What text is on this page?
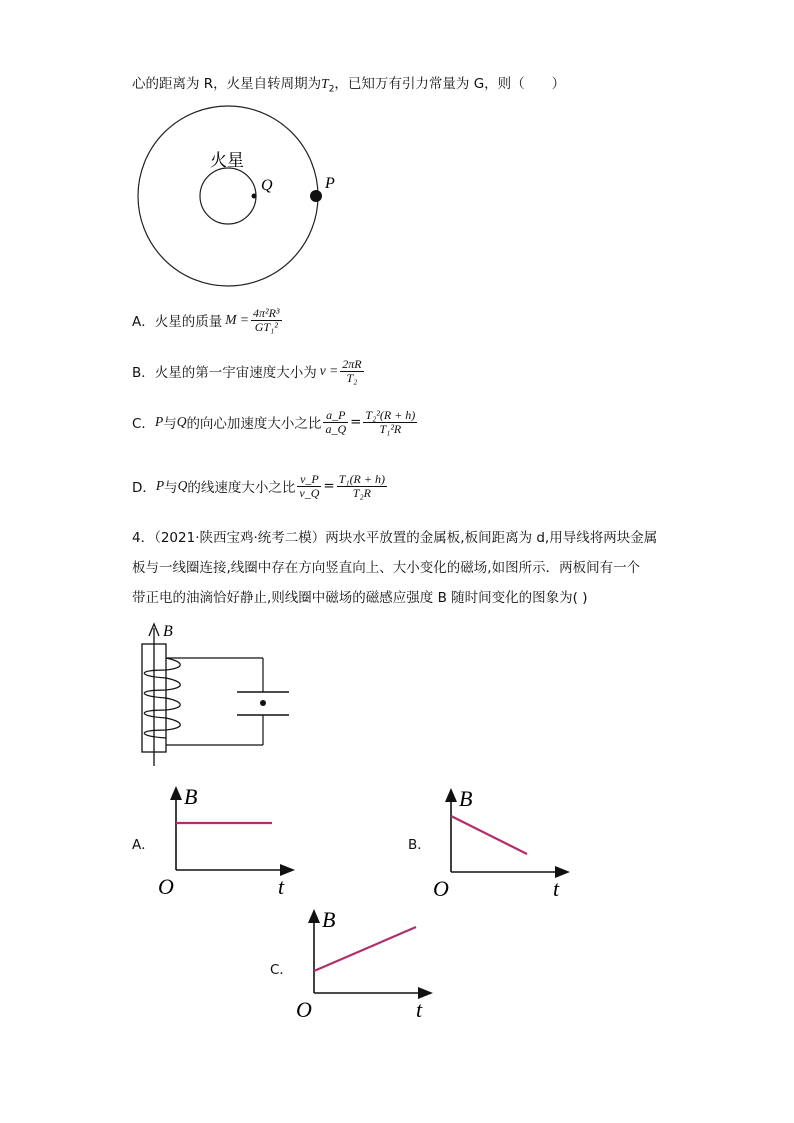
心的距离为 R，火星自转周期为$T_2$，已知万有引力常量为 G，则（　　）
火星
Q	P
A．火星的质量 $M = \frac{\text{4π²R³}}{\text{GT₁²}}$
B．火星的第一宇宙速度大小为 $v = \frac{2\pi R}{\text{T₂}}$
C． P 与 Q 的向心加速度大小之比 $\frac{a\_P}{a\_Q} = \frac{\text{T₂²(R + h)}}{\text{T₁²R}}$
D． P 与 Q 的线速度大小之比 $\frac{v\_P}{v\_Q} = \frac{\text{T₁(R + h)}}{\text{T₂R}}$
4．（2021·陕西宝鸡·统考二模）两块水平放置的金属板,板间距离为 d,用导线将两块金属
板与一线圈连接,线圈中存在方向竖直向上、大小变化的磁场,如图所示．两板间有一个
带正电的油滴恰好静止,则线圈中磁场的磁感应强度 B 随时间变化的图象为( )
B
A．
B
t
O
B．
B
t
O
C．
B
t
O
